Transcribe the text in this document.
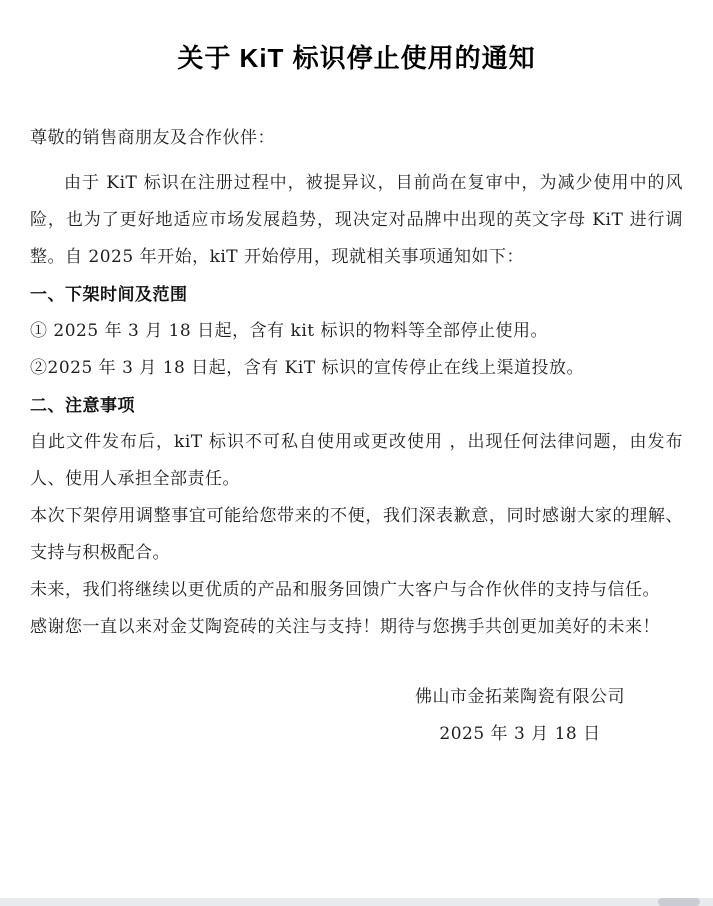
关于 KiT 标识停止使用的通知

尊敬的销售商朋友及合作伙伴：

由于 KiT 标识在注册过程中，被提异议，目前尚在复审中，为减少使用中的风险，也为了更好地适应市场发展趋势，现决定对品牌中出现的英文字母 KiT 进行调整。自 2025 年开始，kiT 开始停用，现就相关事项通知如下：

一、下架时间及范围

① 2025 年 3 月 18 日起，含有 kit 标识的物料等全部停止使用。

②2025 年 3 月 18 日起，含有 KiT 标识的宣传停止在线上渠道投放。

二、注意事项

自此文件发布后，kiT 标识不可私自使用或更改使用 ，出现任何法律问题，由发布人、使用人承担全部责任。

本次下架停用调整事宜可能给您带来的不便，我们深表歉意，同时感谢大家的理解、支持与积极配合。

未来，我们将继续以更优质的产品和服务回馈广大客户与合作伙伴的支持与信任。

感谢您一直以来对金艾陶瓷砖的关注与支持！期待与您携手共创更加美好的未来！

佛山市金拓莱陶瓷有限公司

2025 年 3 月 18 日
